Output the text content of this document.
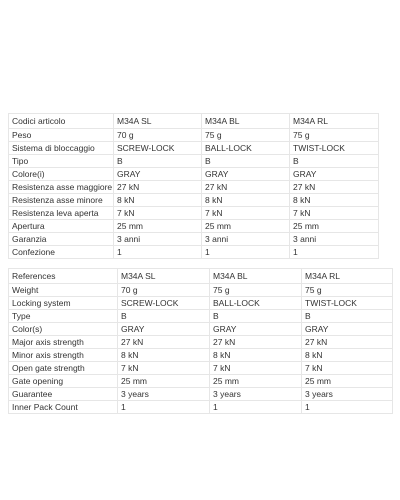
Codici articolo	M34A SL	M34A BL	M34A RL
Peso	70 g	75 g	75 g
Sistema di bloccaggio	SCREW-LOCK	BALL-LOCK	TWIST-LOCK
Tipo	B	B	B
Colore(i)	GRAY	GRAY	GRAY
Resistenza asse maggiore	27 kN	27 kN	27 kN
Resistenza asse minore	8 kN	8 kN	8 kN
Resistenza leva aperta	7 kN	7 kN	7 kN
Apertura	25 mm	25 mm	25 mm
Garanzia	3 anni	3 anni	3 anni
Confezione	1	1	1
References	M34A SL	M34A BL	M34A RL
Weight	70 g	75 g	75 g
Locking system	SCREW-LOCK	BALL-LOCK	TWIST-LOCK
Type	B	B	B
Color(s)	GRAY	GRAY	GRAY
Major axis strength	27 kN	27 kN	27 kN
Minor axis strength	8 kN	8 kN	8 kN
Open gate strength	7 kN	7 kN	7 kN
Gate opening	25 mm	25 mm	25 mm
Guarantee	3 years	3 years	3 years
Inner Pack Count	1	1	1
